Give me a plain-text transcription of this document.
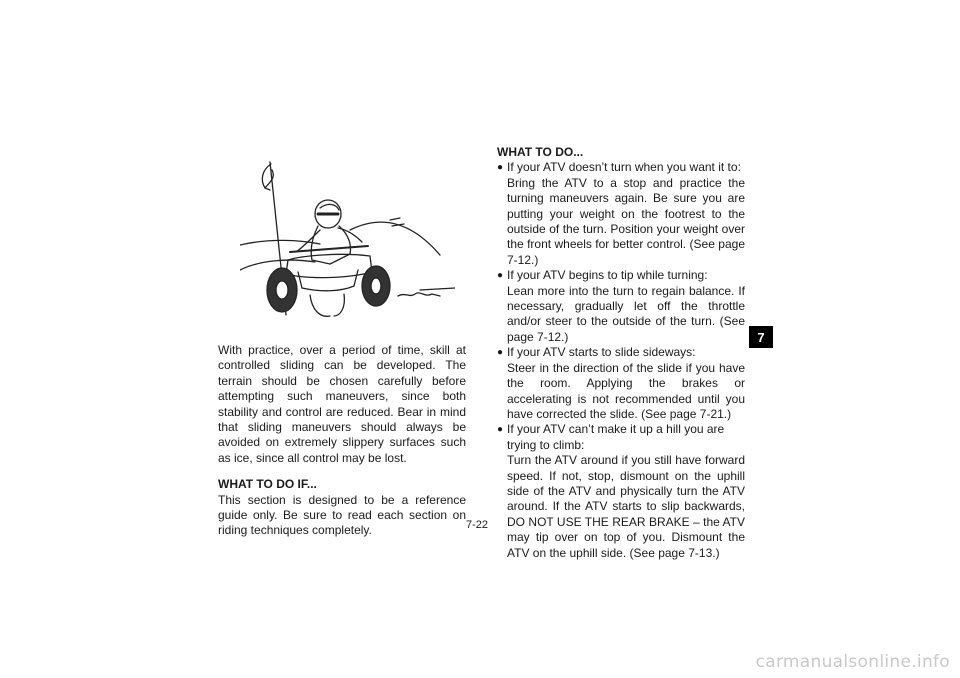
With practice, over a period of time, skill at controlled sliding can be developed. The terrain should be chosen carefully before attempting such maneuvers, since both stability and control are reduced. Bear in mind that sliding maneuvers should always be avoided on extremely slippery surfaces such as ice, since all control may be lost.

WHAT TO DO IF...

This section is designed to be a reference guide only. Be sure to read each section on riding techniques completely.

WHAT TO DO...
● If your ATV doesn’t turn when you want it to:

Bring the ATV to a stop and practice the turning maneuvers again. Be sure you are putting your weight on the footrest to the outside of the turn. Position your weight over the front wheels for better control. (See page 7-12.)

● If your ATV begins to tip while turning:

Lean more into the turn to regain balance. If necessary, gradually let off the throttle and/or steer to the outside of the turn. (See page 7-12.)

● If your ATV starts to slide sideways:

Steer in the direction of the slide if you have the room. Applying the brakes or accelerating is not recommended until you have corrected the slide. (See page 7-21.)

● If your ATV can’t make it up a hill you are trying to climb:

Turn the ATV around if you still have forward speed. If not, stop, dismount on the uphill side of the ATV and physically turn the ATV around. If the ATV starts to slip backwards, DO NOT USE THE REAR BRAKE – the ATV may tip over on top of you. Dismount the ATV on the uphill side. (See page 7-13.)

7
7-22
carmanualsonline.info
